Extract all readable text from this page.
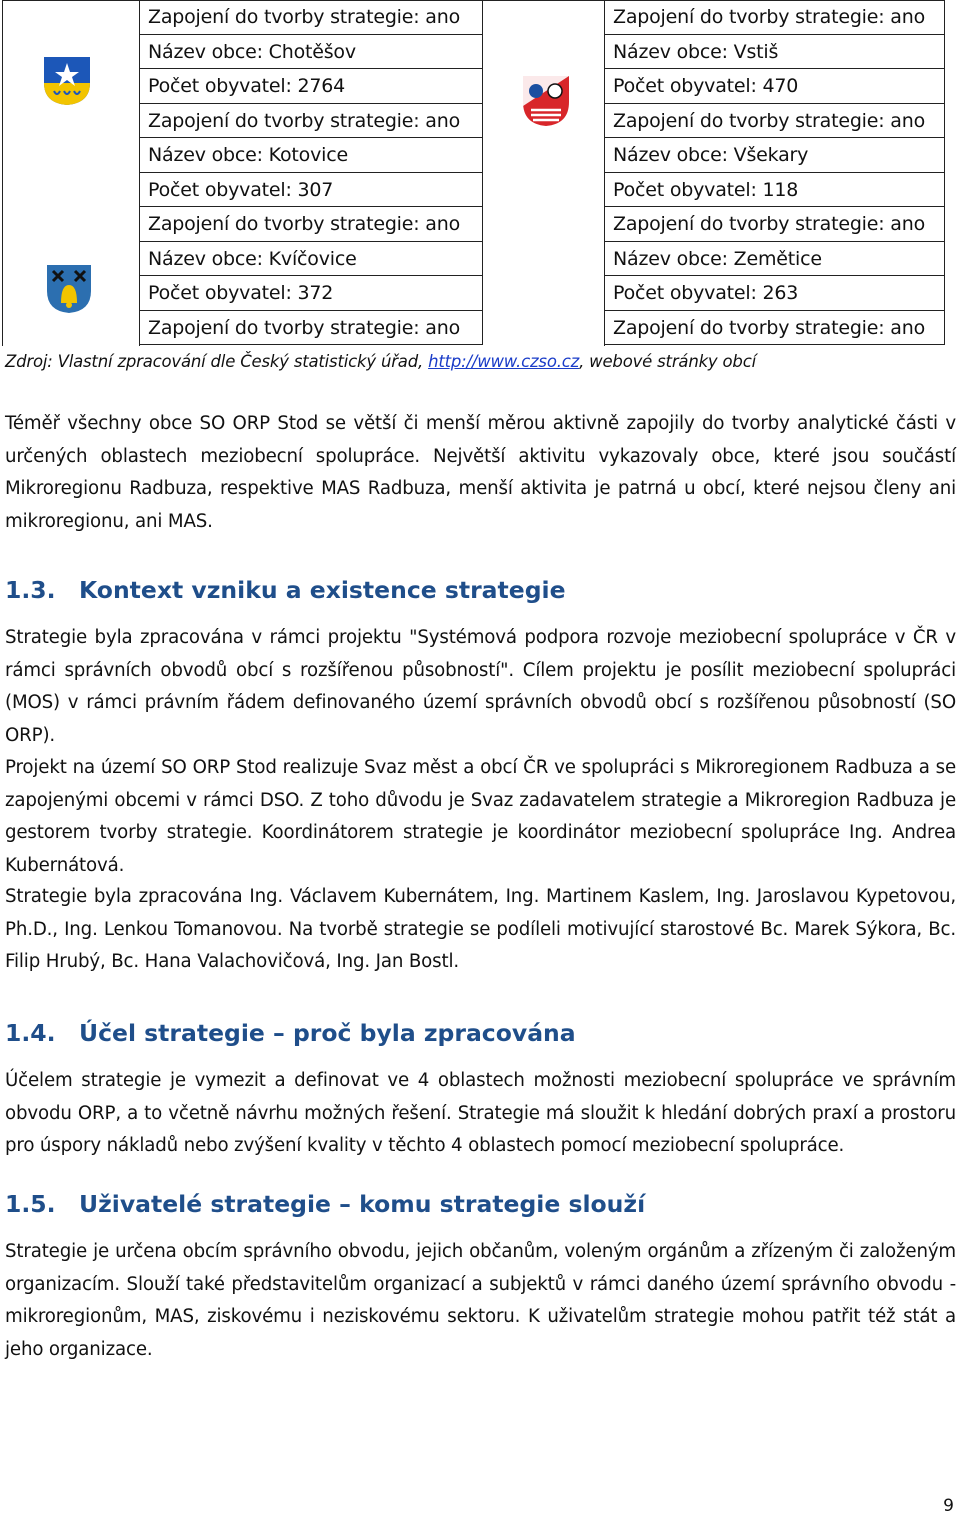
Zapojení do tvorby strategie: ano	Zapojení do tvorby strategie: ano
Název obce: Chotěšov	Název obce: Vstiš
Počet obyvatel: 2764	Počet obyvatel: 470
Zapojení do tvorby strategie: ano	Zapojení do tvorby strategie: ano
Název obce: Kotovice	Název obce: Všekary
Počet obyvatel: 307	Počet obyvatel: 118
Zapojení do tvorby strategie: ano	Zapojení do tvorby strategie: ano
Název obce: Kvíčovice	Název obce: Zemětice
Počet obyvatel: 372	Počet obyvatel: 263
Zapojení do tvorby strategie: ano	Zapojení do tvorby strategie: ano
Zdroj: Vlastní zpracování dle Český statistický úřad, http://www.czso.cz, webové stránky obcí

Téměř všechny obce SO ORP Stod se větší či menší měrou aktivně zapojily do tvorby analytické části v určených oblastech meziobecní spolupráce. Největší aktivitu vykazovaly obce, které jsou součástí Mikroregionu Radbuza, respektive MAS Radbuza, menší aktivita je patrná u obcí, které nejsou členy ani mikroregionu, ani MAS.

1.3. Kontext vzniku a existence strategie

Strategie byla zpracována v rámci projektu "Systémová podpora rozvoje meziobecní spolupráce v ČR v rámci správních obvodů obcí s rozšířenou působností". Cílem projektu je posílit meziobecní spolupráci (MOS) v rámci právním řádem definovaného území správních obvodů obcí s rozšířenou působností (SO ORP).

Projekt na území SO ORP Stod realizuje Svaz měst a obcí ČR ve spolupráci s Mikroregionem Radbuza a se zapojenými obcemi v rámci DSO. Z toho důvodu je Svaz zadavatelem strategie a Mikroregion Radbuza je gestorem tvorby strategie. Koordinátorem strategie je koordinátor meziobecní spolupráce Ing. Andrea Kubernátová.

Strategie byla zpracována Ing. Václavem Kubernátem, Ing. Martinem Kaslem, Ing. Jaroslavou Kypetovou, Ph.D., Ing. Lenkou Tomanovou. Na tvorbě strategie se podíleli motivující starostové Bc. Marek Sýkora, Bc. Filip Hrubý, Bc. Hana Valachovičová, Ing. Jan Bostl.

1.4. Účel strategie – proč byla zpracována

Účelem strategie je vymezit a definovat ve 4 oblastech možnosti meziobecní spolupráce ve správním obvodu ORP, a to včetně návrhu možných řešení. Strategie má sloužit k hledání dobrých praxí a prostoru pro úspory nákladů nebo zvýšení kvality v těchto 4 oblastech pomocí meziobecní spolupráce.

1.5. Uživatelé strategie – komu strategie slouží

Strategie je určena obcím správního obvodu, jejich občanům, voleným orgánům a zřízeným či založeným organizacím. Slouží také představitelům organizací a subjektů v rámci daného území správního obvodu - mikroregionům, MAS, ziskovému i neziskovému sektoru. K uživatelům strategie mohou patřit též stát a jeho organizace.

9
